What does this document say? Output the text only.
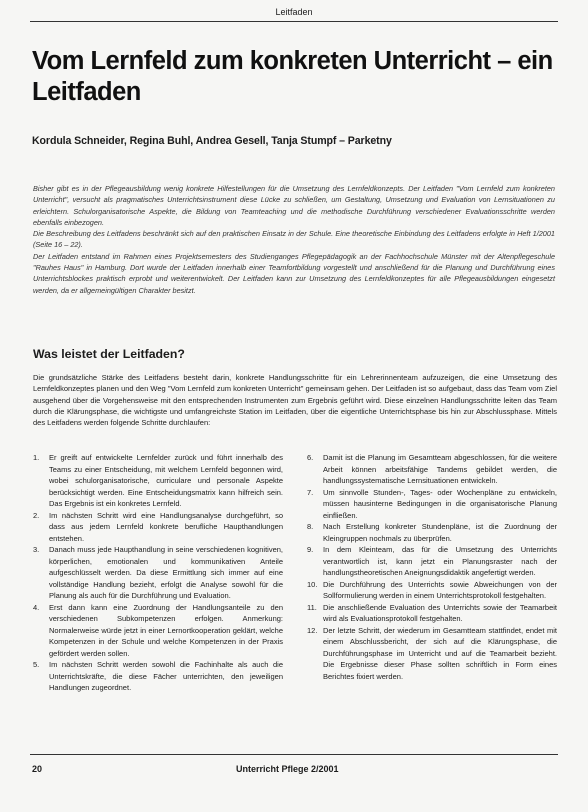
Leitfaden
Vom Lernfeld zum konkreten Unterricht – ein Leitfaden
Kordula Schneider, Regina Buhl, Andrea Gesell, Tanja Stumpf – Parketny

Bisher gibt es in der Pflegeausbildung wenig konkrete Hilfestellungen für die Umsetzung des Lernfeldkonzepts. Der Leitfaden "Vom Lernfeld zum konkreten Unterricht", versucht als pragmatisches Unterrichtsinstrument diese Lücke zu schließen, um Gestaltung, Umsetzung und Evaluation von Lernsituationen zu erleichtern. Schulorganisatorische Aspekte, die Bildung von Teamteaching und die methodische Durchführung verschiedener Evaluationsschritte werden ebenfalls einbezogen.

Die Beschreibung des Leitfadens beschränkt sich auf den praktischen Einsatz in der Schule. Eine theoretische Einbindung des Leitfadens erfolgte in Heft 1/2001 (Seite 16 – 22).

Der Leitfaden entstand im Rahmen eines Projektsemesters des Studienganges Pflegepädagogik an der Fachhochschule Münster mit der Altenpflegeschule "Rauhes Haus" in Hamburg. Dort wurde der Leitfaden innerhalb einer Teamfortbildung vorgestellt und anschließend für die Planung und Durchführung eines Unterrichtsblockes praktisch erprobt und weiterentwickelt. Der Leitfaden kann zur Umsetzung des Lernfeldkonzeptes für alle Pflegeausbildungen eingesetzt werden, da er allgemeingültigen Charakter besitzt.

Was leistet der Leitfaden?
Die grundsätzliche Stärke des Leitfadens besteht darin, konkrete Handlungsschritte für ein Lehrerinnenteam aufzuzeigen, die eine Umsetzung des Lernfeldkonzeptes planen und den Weg "Vom Lernfeld zum konkreten Unterricht" gemeinsam gehen. Der Leitfaden ist so aufgebaut, dass das Team vom Ziel ausgehend über die Vorgehensweise mit den entsprechenden Instrumenten zum Ergebnis geführt wird. Diese einzelnen Handlungsschritte leiten das Team durch die Klärungsphase, die wichtigste und umfangreichste Station im Leitfaden, über die eigentliche Unterrichtsphase bis hin zur Abschlussphase. Mittels des Leitfadens werden folgende Schritte durchlaufen:
1.	Er greift auf entwickelte Lernfelder zurück und führt innerhalb des Teams zu einer Entscheidung, mit welchem Lernfeld begonnen wird, wobei schulorganisatorische, curriculare und personale Aspekte berücksichtigt werden. Eine Entscheidungsmatrix kann hilfreich sein. Das Ergebnis ist ein konkretes Lernfeld.
2.	Im nächsten Schritt wird eine Handlungsanalyse durchgeführt, so dass aus jedem Lernfeld konkrete berufliche Haupthandlungen entstehen.
3.	Danach muss jede Haupthandlung in seine verschiedenen kognitiven, körperlichen, emotionalen und kommunikativen Anteile aufgeschlüsselt werden. Da diese Ermittlung sich immer auf eine vollständige Handlung bezieht, erfolgt die Analyse sowohl für die Planung als auch für die Durchführung und Evaluation.
4.	Erst dann kann eine Zuordnung der Handlungsanteile zu den verschiedenen Subkompetenzen erfolgen. Anmerkung: Normalerweise würde jetzt in einer Lernortkooperation geklärt, welche Kompetenzen in der Schule und welche Kompetenzen in der Praxis gefördert werden sollen.
5.	Im nächsten Schritt werden sowohl die Fachinhalte als auch die Unterrichtskräfte, die diese Fächer unterrichten, den jeweiligen Handlungen zugeordnet.
6.	Damit ist die Planung im Gesamtteam abgeschlossen, für die weitere Arbeit können arbeitsfähige Tandems gebildet werden, die handlungssystematische Lernsituationen entwickeln.
7.	Um sinnvolle Stunden-, Tages- oder Wochenpläne zu entwickeln, müssen hausinterne Bedingungen in die organisatorische Planung einfließen.
8.	Nach Erstellung konkreter Stundenpläne, ist die Zuordnung der Kleingruppen nochmals zu überprüfen.
9.	In dem Kleinteam, das für die Umsetzung des Unterrichts verantwortlich ist, kann jetzt ein Planungsraster nach der handlungstheoretischen Aneignungsdidaktik angefertigt werden.
10. Die Durchführung des Unterrichts sowie Abweichungen von der Sollformulierung werden in einem Unterrichtsprotokoll festgehalten.
11. Die anschließende Evaluation des Unterrichts sowie der Teamarbeit wird als Evaluationsprotokoll festgehalten.
12. Der letzte Schritt, der wiederum im Gesamtteam stattfindet, endet mit einem Abschlussbericht, der sich auf die Klärungsphase, die Durchführungsphase im Unterricht und auf die Teamarbeit bezieht. Die Ergebnisse dieser Phase sollten schriftlich in Form eines Berichtes fixiert werden.
20	Unterricht Pflege 2/2001
